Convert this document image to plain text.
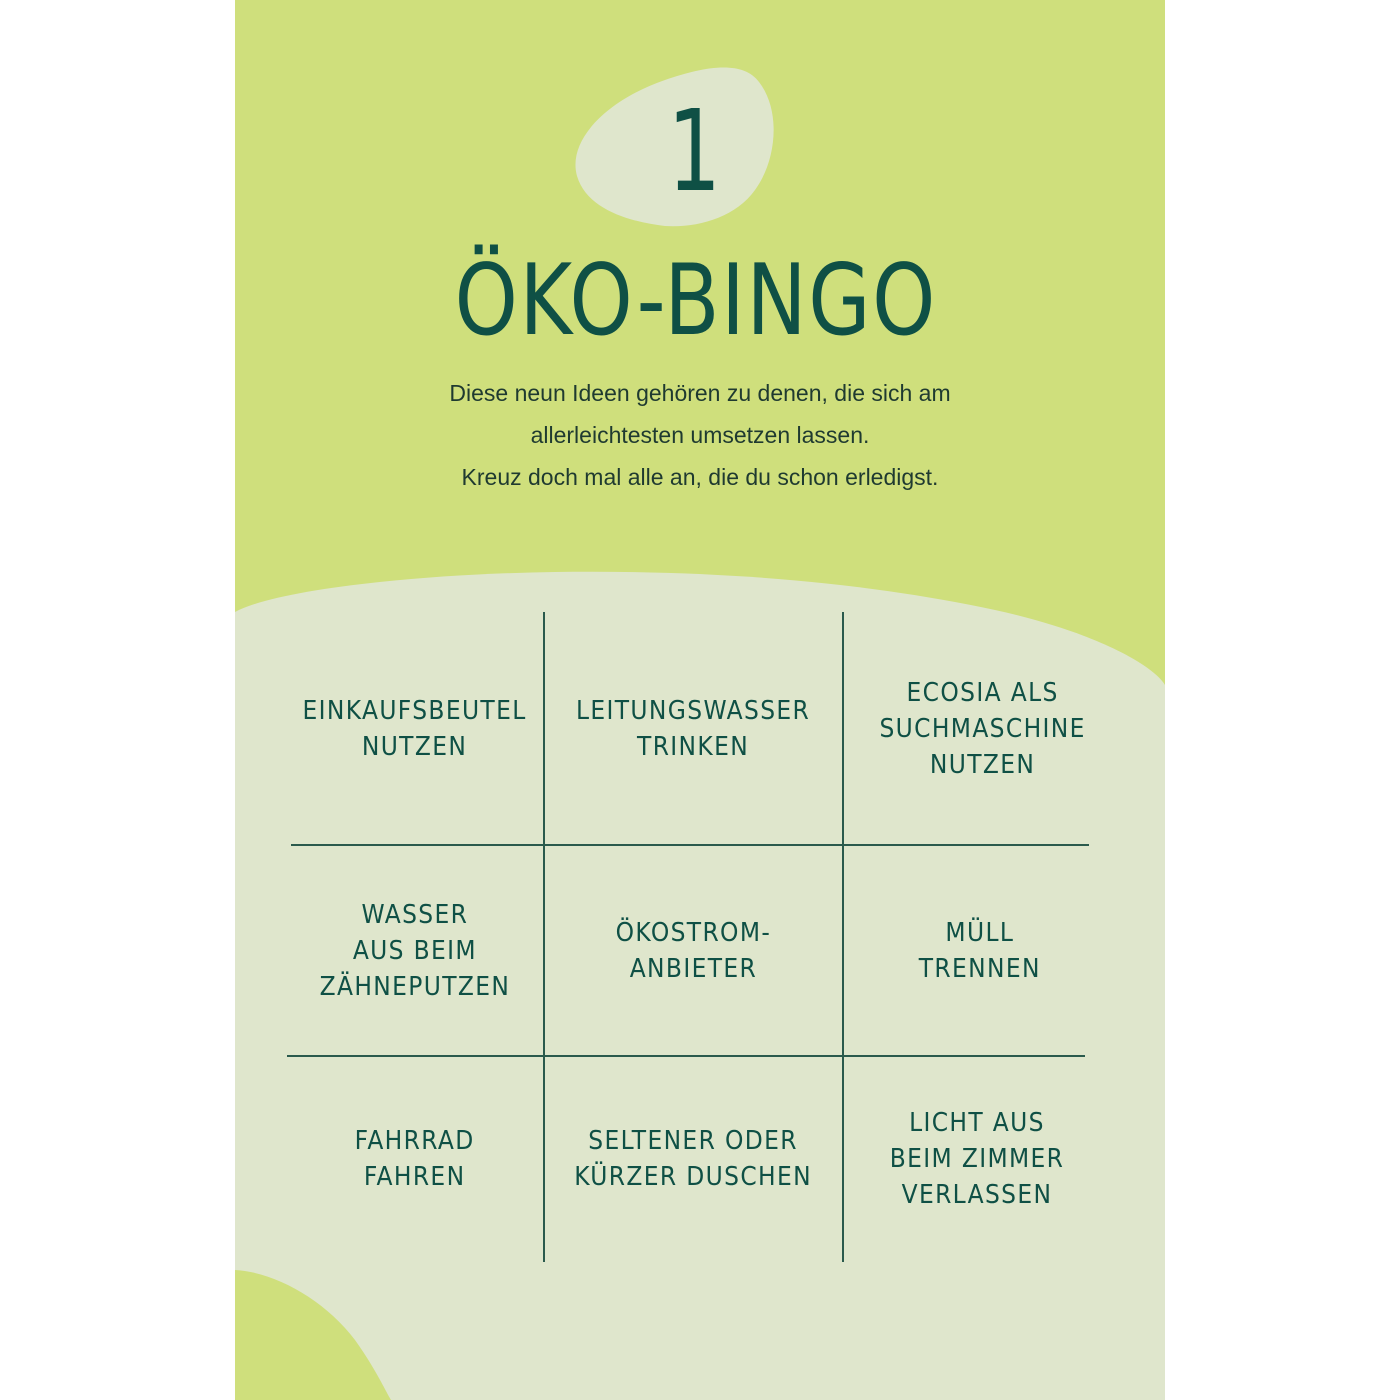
1
ÖKO-BINGO
Diese neun Ideen gehören zu denen, die sich am
allerleichtesten umsetzen lassen.
Kreuz doch mal alle an, die du schon erledigst.
EINKAUFSBEUTEL
NUTZEN
LEITUNGSWASSER
TRINKEN
ECOSIA ALS
SUCHMASCHINE
NUTZEN
WASSER
AUS BEIM
ZÄHNEPUTZEN
ÖKOSTROM-
ANBIETER
MÜLL
TRENNEN
FAHRRAD
FAHREN
SELTENER ODER
KÜRZER DUSCHEN
LICHT AUS
BEIM ZIMMER
VERLASSEN
